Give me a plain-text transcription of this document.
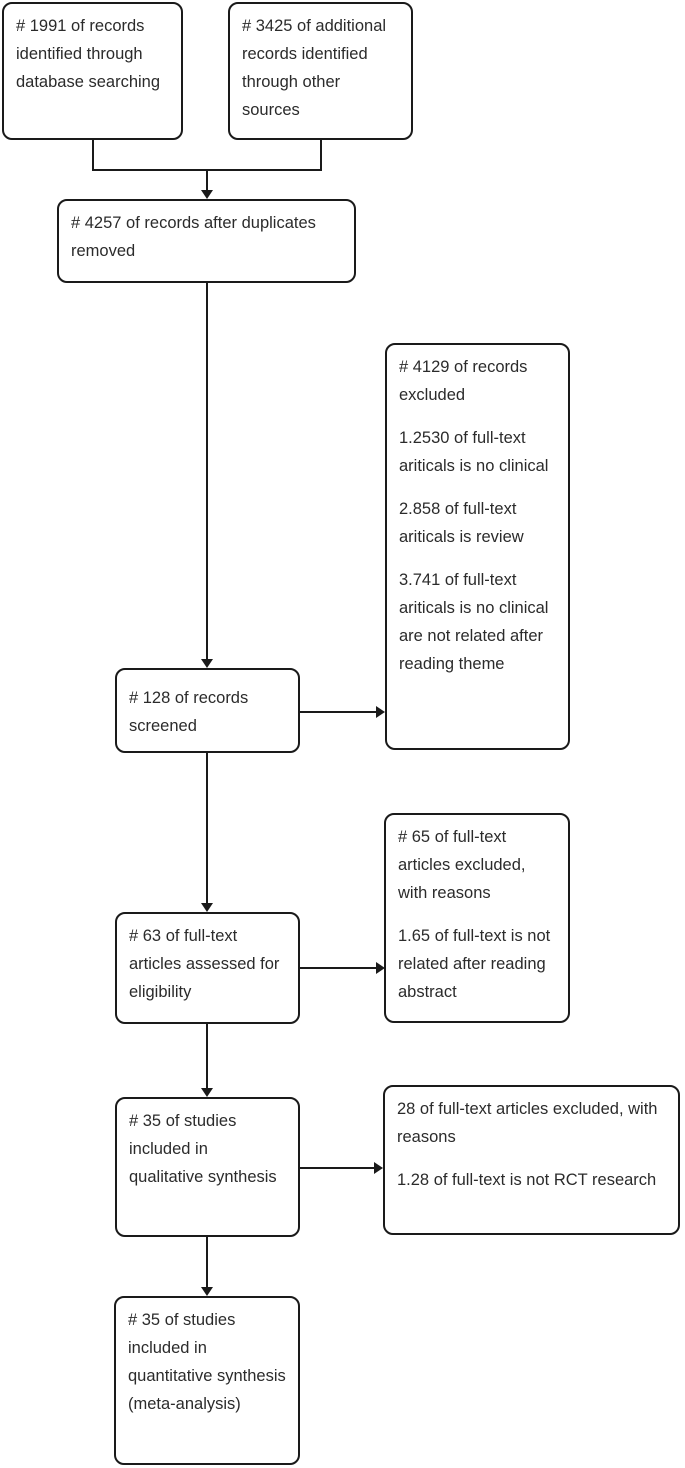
# 1991 of records identified through database searching

# 3425 of additional records identified through other sources

# 4257 of records after duplicates removed

# 4129 of records excluded

1.2530 of full-text ariticals is no clinical

2.858 of full-text ariticals is review

3.741 of full-text ariticals is no clinical are not related after reading theme

# 128 of records screened

# 65 of full-text articles excluded, with reasons

1.65 of full-text is not related after reading abstract

# 63 of full-text articles assessed for eligibility

28 of full-text articles excluded, with reasons

1.28 of full-text is not RCT research

# 35 of studies included in qualitative synthesis

# 35 of studies included in quantitative synthesis (meta-analysis)
